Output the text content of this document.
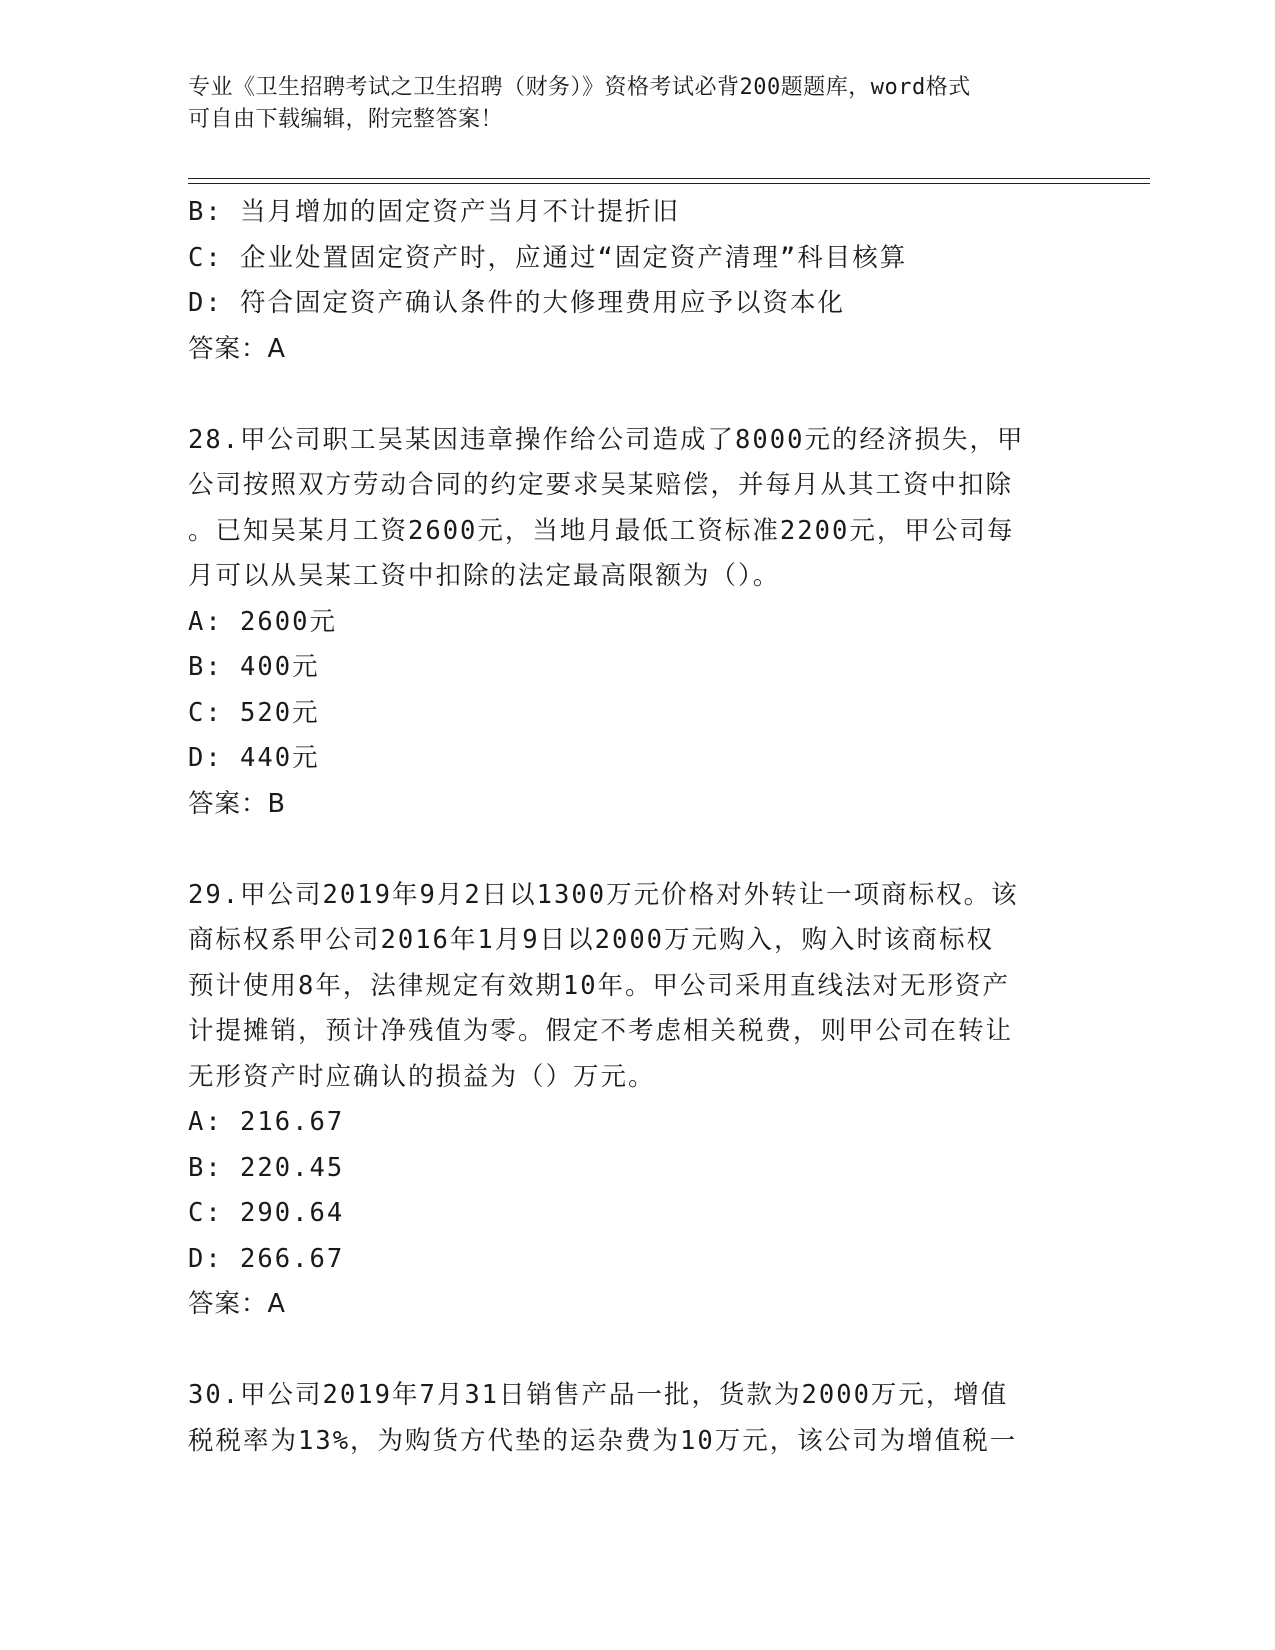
专业《卫生招聘考试之卫生招聘（财务）》资格考试必背200题题库，word格式
可自由下载编辑，附完整答案！
B: 当月增加的固定资产当月不计提折旧
C: 企业处置固定资产时，应通过“固定资产清理”科目核算
D: 符合固定资产确认条件的大修理费用应予以资本化
答案：A
28.甲公司职工吴某因违章操作给公司造成了8000元的经济损失，甲
公司按照双方劳动合同的约定要求吴某赔偿，并每月从其工资中扣除
。已知吴某月工资2600元，当地月最低工资标准2200元，甲公司每
月可以从吴某工资中扣除的法定最高限额为（）。
A: 2600元
B: 400元
C: 520元
D: 440元
答案：B
29.甲公司2019年9月2日以1300万元价格对外转让一项商标权。该
商标权系甲公司2016年1月9日以2000万元购入，购入时该商标权
预计使用8年，法律规定有效期10年。甲公司采用直线法对无形资产
计提摊销，预计净残值为零。假定不考虑相关税费，则甲公司在转让
无形资产时应确认的损益为（）万元。
A: 216.67
B: 220.45
C: 290.64
D: 266.67
答案：A
30.甲公司2019年7月31日销售产品一批，货款为2000万元，增值
税税率为13%，为购货方代垫的运杂费为10万元，该公司为增值税一
